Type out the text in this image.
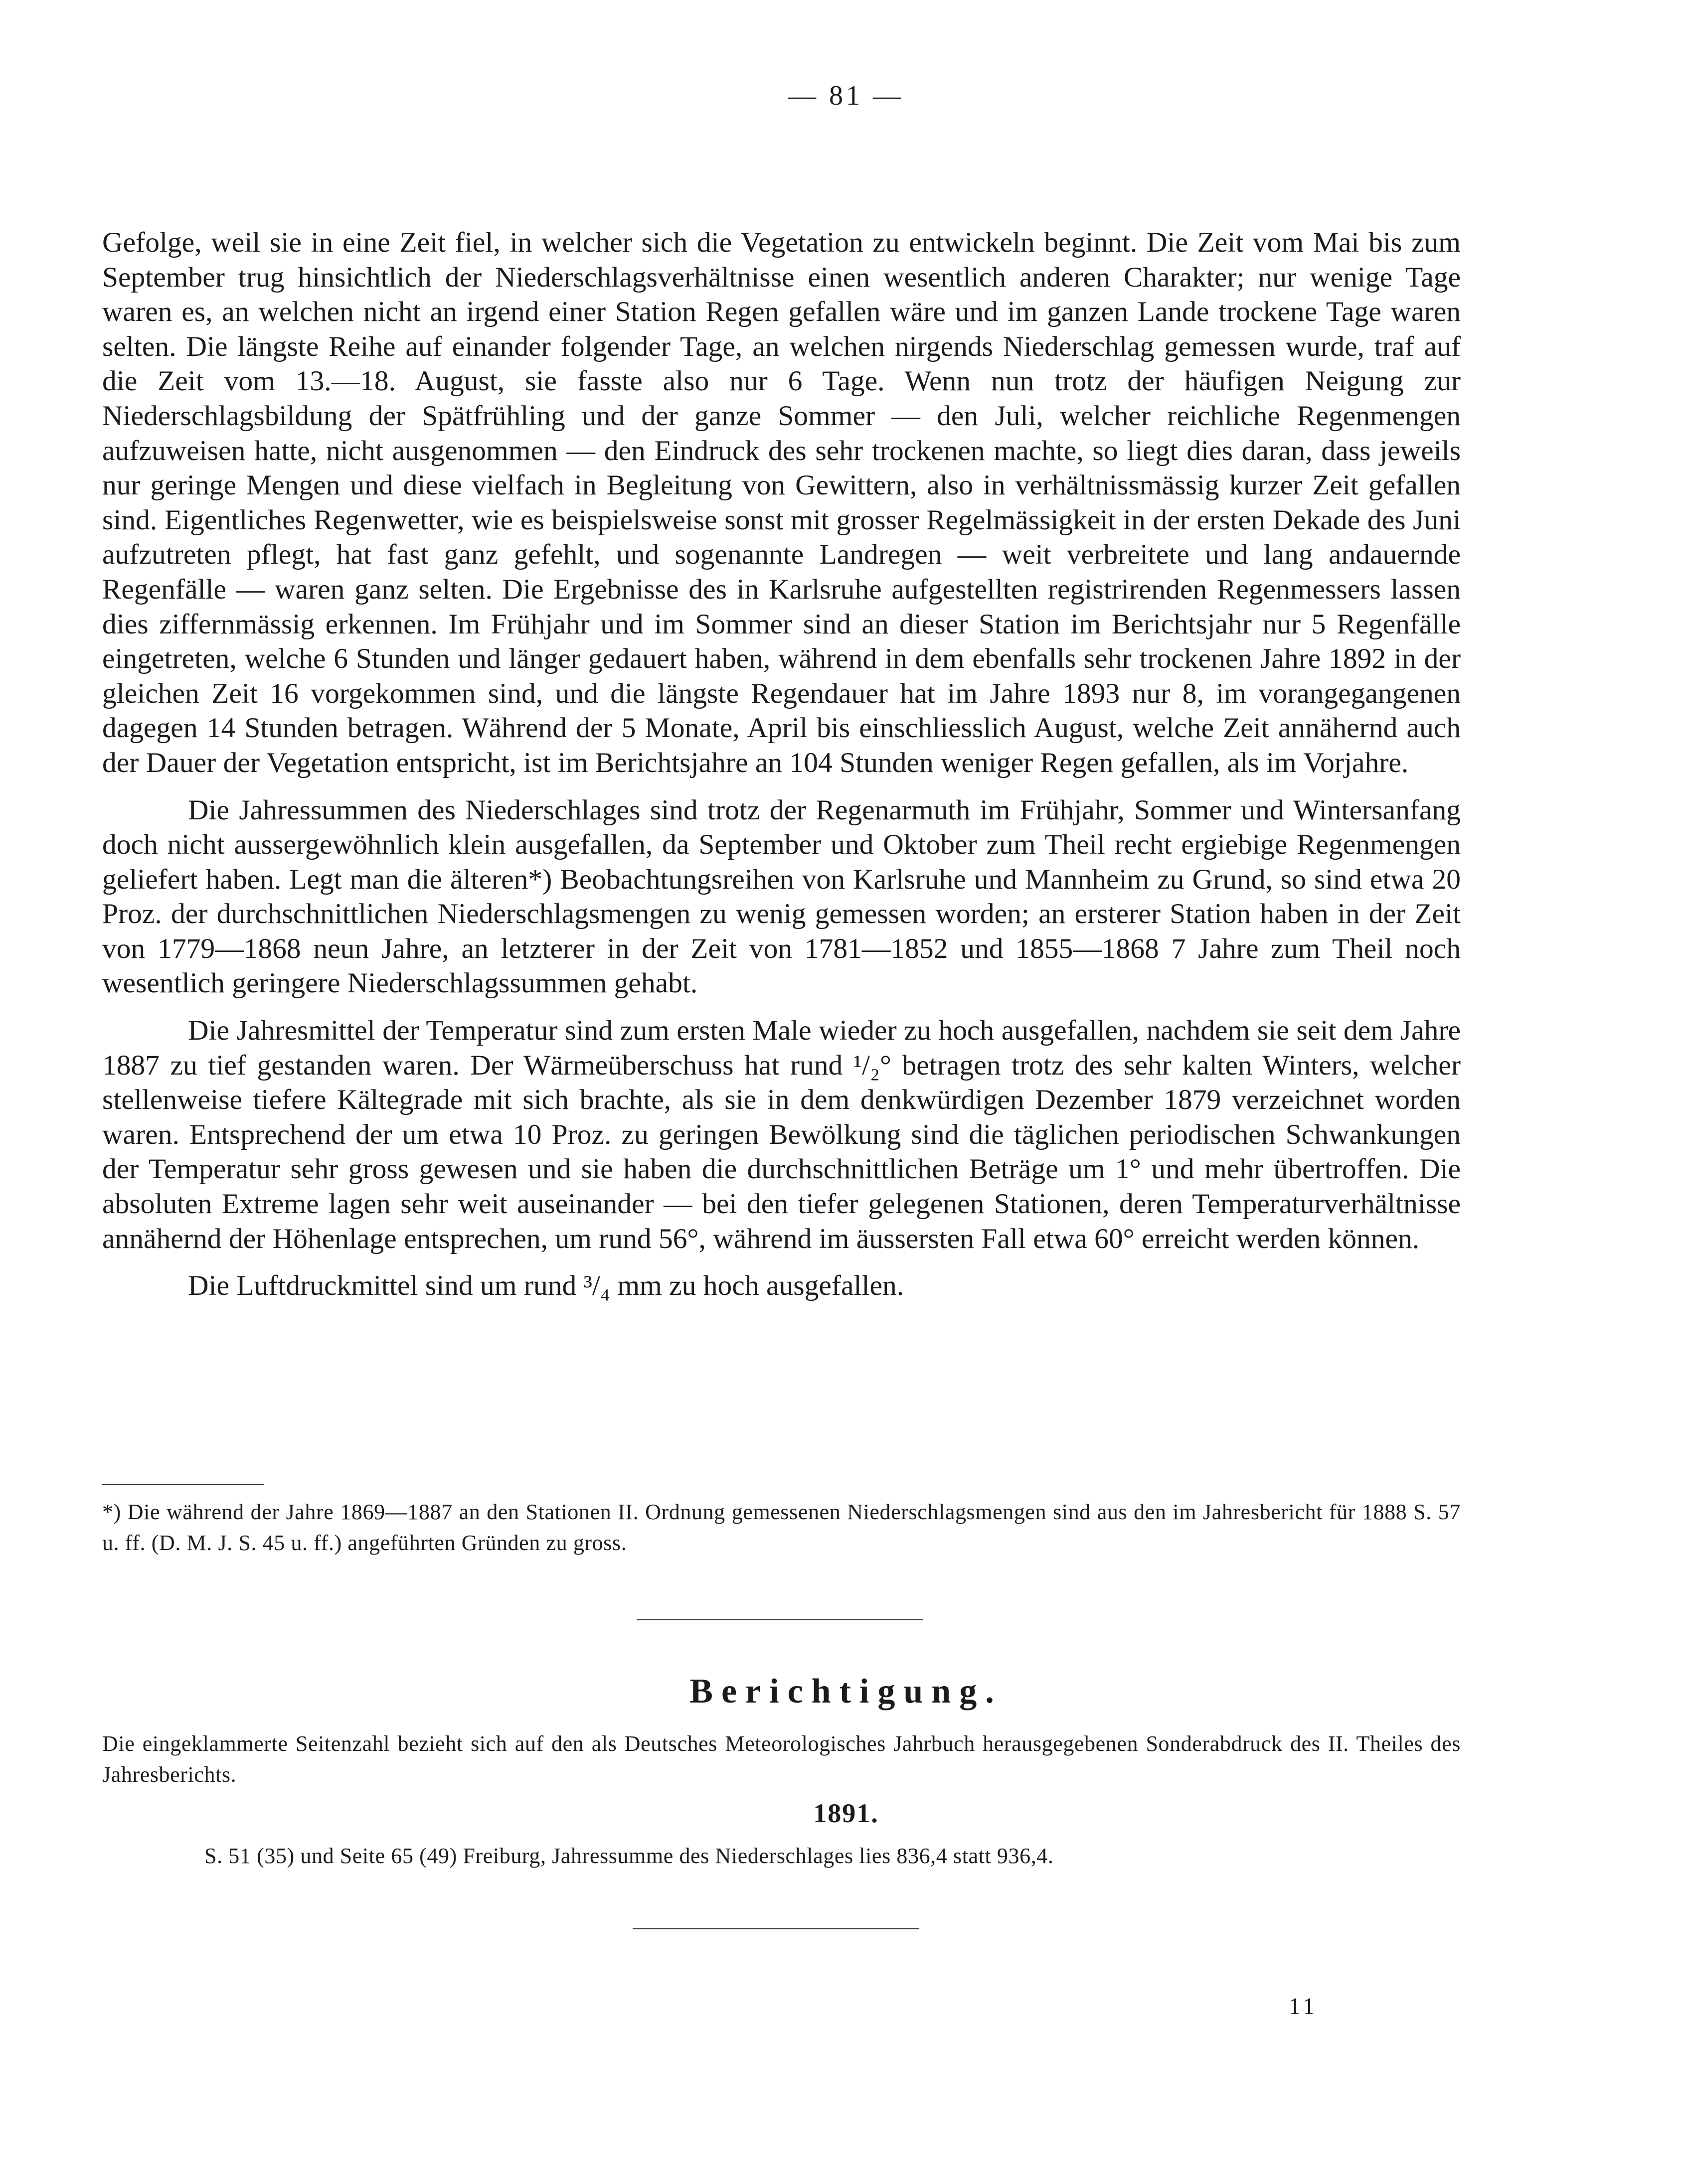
— 81 —

Gefolge, weil sie in eine Zeit fiel, in welcher sich die Vegetation zu entwickeln beginnt. Die Zeit vom Mai bis zum September trug hinsichtlich der Niederschlagsverhältnisse einen wesentlich anderen Charakter; nur wenige Tage waren es, an welchen nicht an irgend einer Station Regen gefallen wäre und im ganzen Lande trockene Tage waren selten. Die längste Reihe auf einander folgender Tage, an welchen nirgends Niederschlag gemessen wurde, traf auf die Zeit vom 13.—18. August, sie fasste also nur 6 Tage. Wenn nun trotz der häufigen Neigung zur Niederschlagsbildung der Spätfrühling und der ganze Sommer — den Juli, welcher reichliche Regenmengen aufzuweisen hatte, nicht ausgenommen — den Eindruck des sehr trockenen machte, so liegt dies daran, dass jeweils nur geringe Mengen und diese vielfach in Begleitung von Gewittern, also in verhältnissmässig kurzer Zeit gefallen sind. Eigentliches Regenwetter, wie es beispielsweise sonst mit grosser Regelmässigkeit in der ersten Dekade des Juni aufzutreten pflegt, hat fast ganz gefehlt, und sogenannte Landregen — weit verbreitete und lang andauernde Regenfälle — waren ganz selten. Die Ergebnisse des in Karlsruhe aufgestellten registrirenden Regenmessers lassen dies ziffernmässig erkennen. Im Frühjahr und im Sommer sind an dieser Station im Berichtsjahr nur 5 Regenfälle eingetreten, welche 6 Stunden und länger gedauert haben, während in dem ebenfalls sehr trockenen Jahre 1892 in der gleichen Zeit 16 vorgekommen sind, und die längste Regendauer hat im Jahre 1893 nur 8, im vorangegangenen dagegen 14 Stunden betragen. Während der 5 Monate, April bis einschliesslich August, welche Zeit annähernd auch der Dauer der Vegetation entspricht, ist im Berichtsjahre an 104 Stunden weniger Regen gefallen, als im Vorjahre.

Die Jahressummen des Niederschlages sind trotz der Regenarmuth im Frühjahr, Sommer und Wintersanfang doch nicht aussergewöhnlich klein ausgefallen, da September und Oktober zum Theil recht ergiebige Regenmengen geliefert haben. Legt man die älteren*) Beobachtungsreihen von Karlsruhe und Mannheim zu Grund, so sind etwa 20 Proz. der durchschnittlichen Niederschlagsmengen zu wenig gemessen worden; an ersterer Station haben in der Zeit von 1779—1868 neun Jahre, an letzterer in der Zeit von 1781—1852 und 1855—1868 7 Jahre zum Theil noch wesentlich geringere Niederschlagssummen gehabt.

Die Jahresmittel der Temperatur sind zum ersten Male wieder zu hoch ausgefallen, nachdem sie seit dem Jahre 1887 zu tief gestanden waren. Der Wärmeüberschuss hat rund ¹/₂° betragen trotz des sehr kalten Winters, welcher stellenweise tiefere Kältegrade mit sich brachte, als sie in dem denkwürdigen Dezember 1879 verzeichnet worden waren. Entsprechend der um etwa 10 Proz. zu geringen Bewölkung sind die täglichen periodischen Schwankungen der Temperatur sehr gross gewesen und sie haben die durchschnittlichen Beträge um 1° und mehr übertroffen. Die absoluten Extreme lagen sehr weit auseinander — bei den tiefer gelegenen Stationen, deren Temperaturverhältnisse annähernd der Höhenlage entsprechen, um rund 56°, während im äussersten Fall etwa 60° erreicht werden können.

Die Luftdruckmittel sind um rund ³/₄ mm zu hoch ausgefallen.

*) Die während der Jahre 1869—1887 an den Stationen II. Ordnung gemessenen Niederschlagsmengen sind aus den im Jahresbericht für 1888 S. 57 u. ff. (D. M. J. S. 45 u. ff.) angeführten Gründen zu gross.
Berichtigung.
Die eingeklammerte Seitenzahl bezieht sich auf den als Deutsches Meteorologisches Jahrbuch herausgegebenen Sonderabdruck des II. Theiles des Jahresberichts.
1891.
S. 51 (35) und Seite 65 (49) Freiburg, Jahressumme des Niederschlages lies 836,4 statt 936,4.
11
